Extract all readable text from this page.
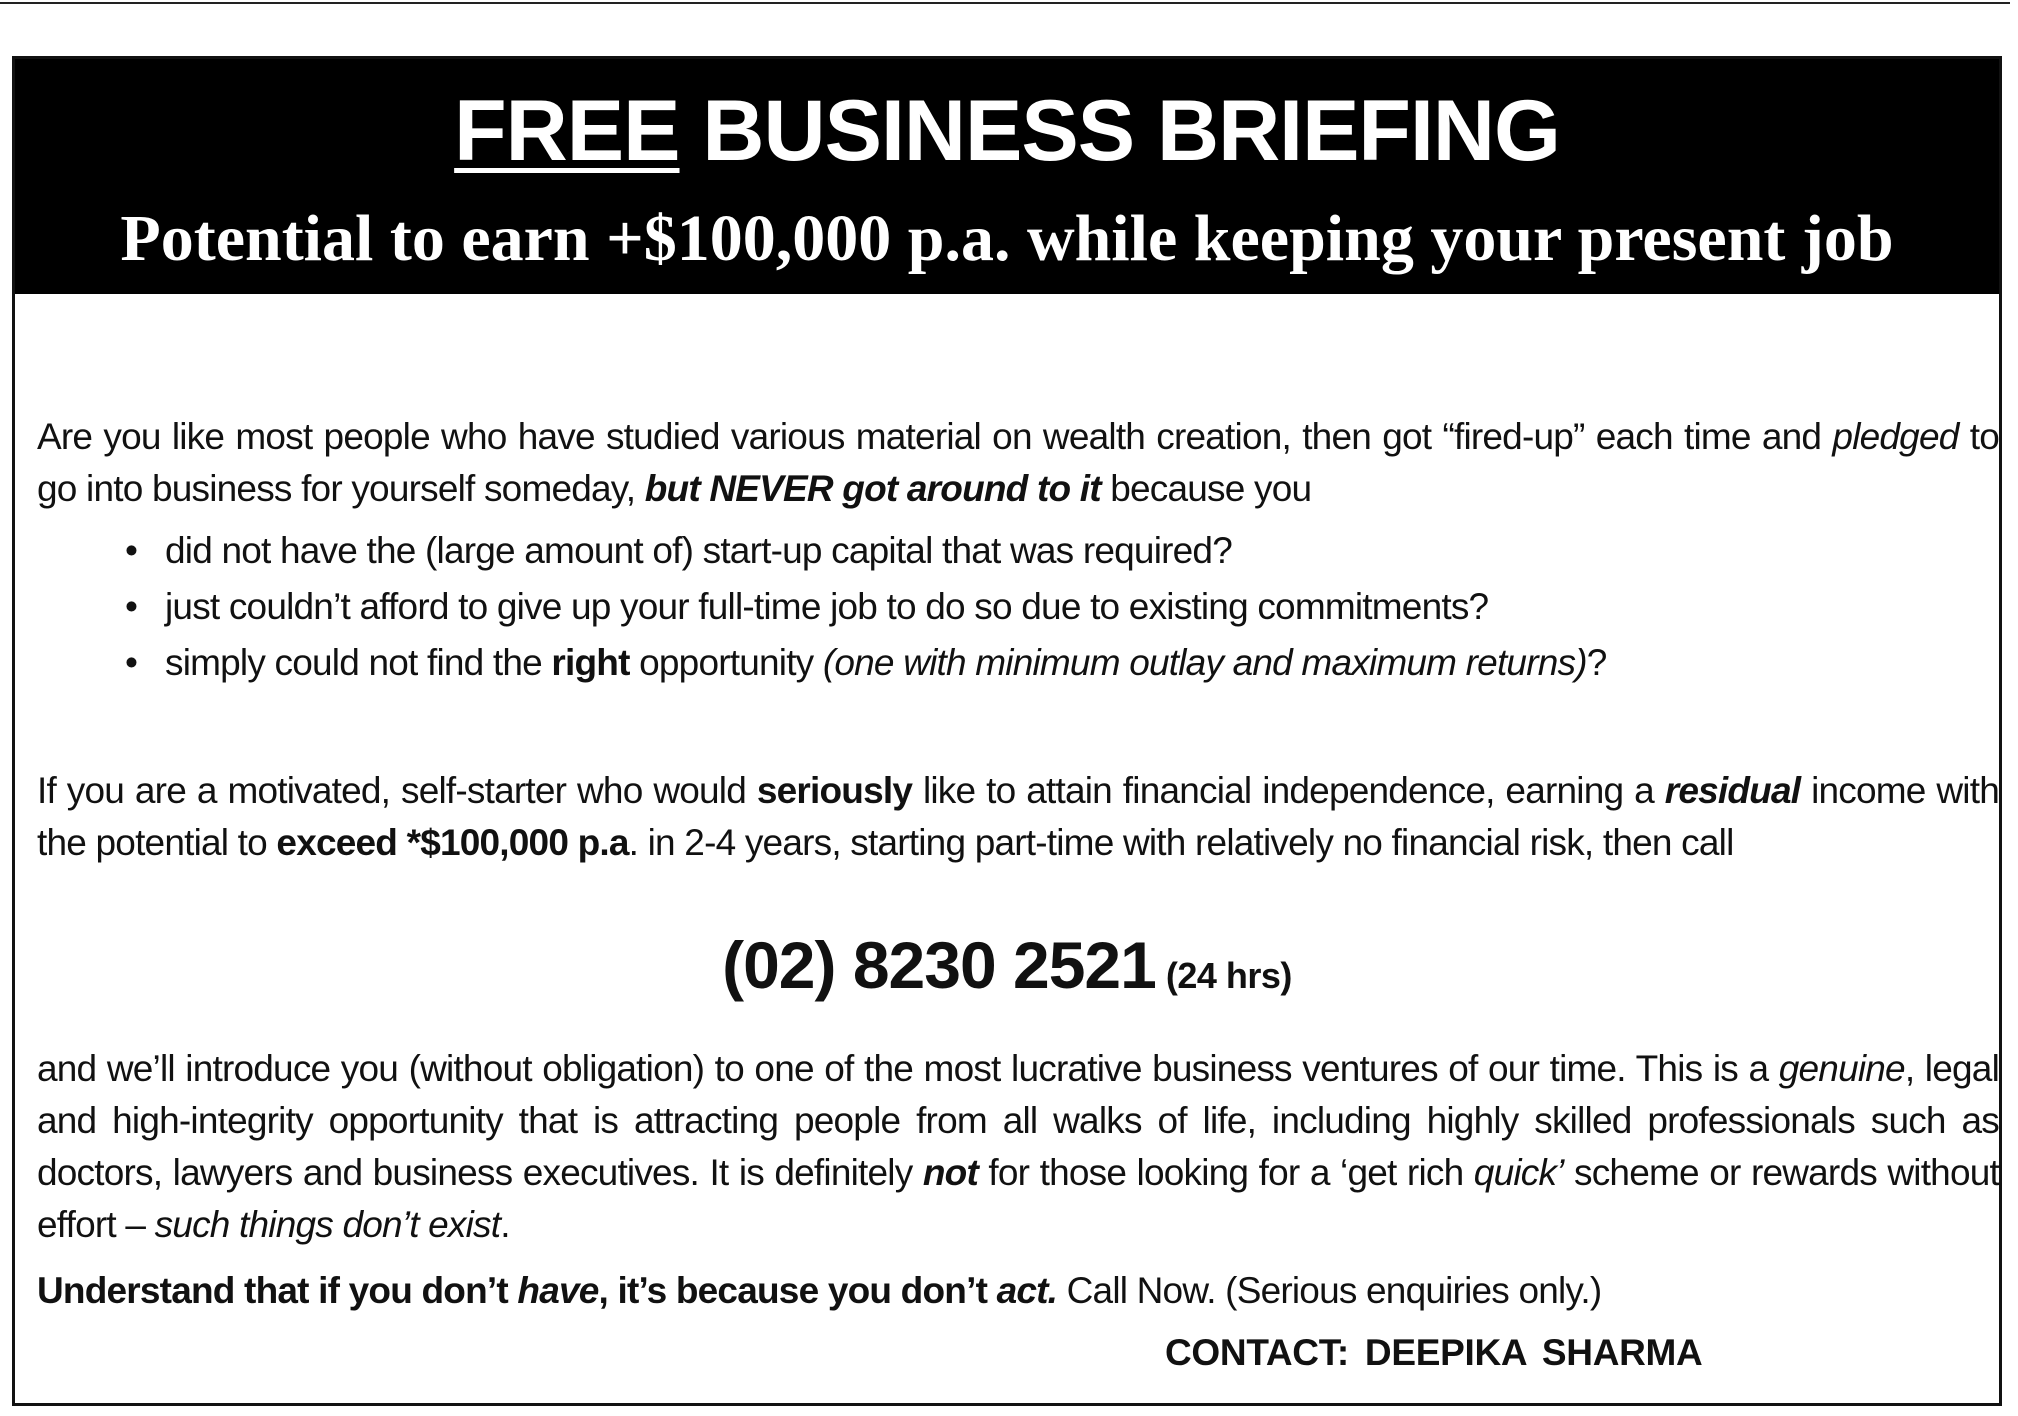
FREE BUSINESS BRIEFING
Potential to earn +$100,000 p.a. while keeping your present job
Are you like most people who have studied various material on wealth creation, then got “fired-up” each time and pledged to go into business for yourself someday, but NEVER got around to it because you
• did not have the (large amount of) start-up capital that was required?
• just couldn’t afford to give up your full-time job to do so due to existing commitments?
• simply could not find the right opportunity (one with minimum outlay and maximum returns)?
If you are a motivated, self-starter who would seriously like to attain financial independence, earning a residual income with the potential to exceed *$100,000 p.a. in 2-4 years, starting part-time with relatively no financial risk, then call
(02) 8230 2521 (24 hrs)
and we’ll introduce you (without obligation) to one of the most lucrative business ventures of our time. This is a genuine, legal and high-integrity opportunity that is attracting people from all walks of life, including highly skilled professionals such as doctors, lawyers and business executives. It is definitely not for those looking for a ‘get rich quick’ scheme or rewards without effort – such things don’t exist.
Understand that if you don’t have, it’s because you don’t act. Call Now. (Serious enquiries only.)
CONTACT: DEEPIKA SHARMA
